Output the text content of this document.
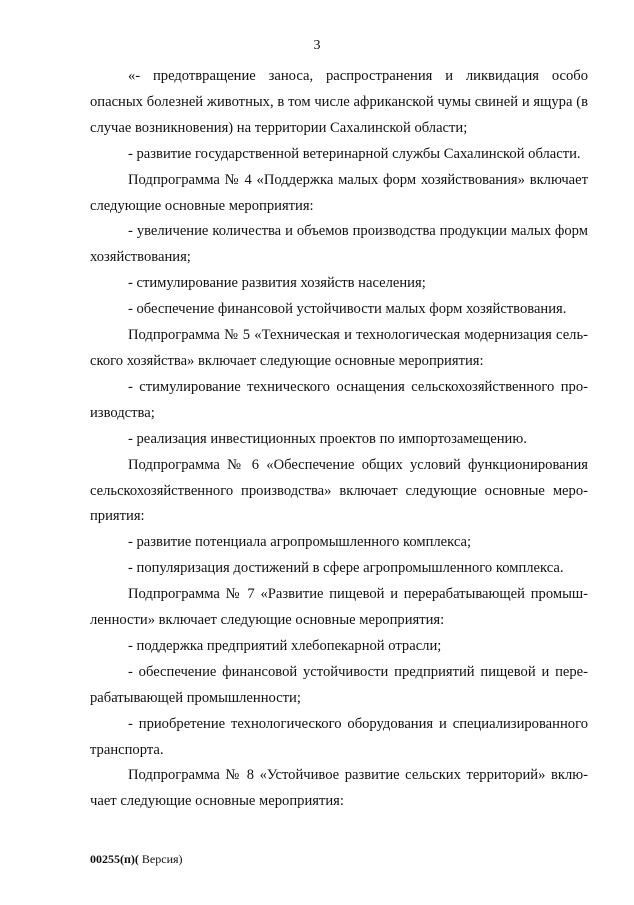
3

«- предотвращение заноса, распространения и ликвидация особо опасных болезней животных, в том числе африканской чумы свиней и ящура (в случае возникновения) на территории Сахалинской области;

- развитие государственной ветеринарной службы Сахалинской области.

Подпрограмма № 4 «Поддержка малых форм хозяйствования» включает следующие основные мероприятия:

- увеличение количества и объемов производства продукции малых форм хозяйствования;

- стимулирование развития хозяйств населения;

- обеспечение финансовой устойчивости малых форм хозяйствования.

Подпрограмма № 5 «Техническая и технологическая модернизация сельского хозяйства» включает следующие основные мероприятия:

- стимулирование технического оснащения сельскохозяйственного производства;

- реализация инвестиционных проектов по импортозамещению.

Подпрограмма № 6 «Обеспечение общих условий функционирования сельскохозяйственного производства» включает следующие основные мероприятия:

- развитие потенциала агропромышленного комплекса;

- популяризация достижений в сфере агропромышленного комплекса.

Подпрограмма № 7 «Развитие пищевой и перерабатывающей промышленности» включает следующие основные мероприятия:

- поддержка предприятий хлебопекарной отрасли;

- обеспечение финансовой устойчивости предприятий пищевой и перерабатывающей промышленности;

- приобретение технологического оборудования и специализированного транспорта.

Подпрограмма № 8 «Устойчивое развитие сельских территорий» включает следующие основные мероприятия:

00255(п)( Версия)
